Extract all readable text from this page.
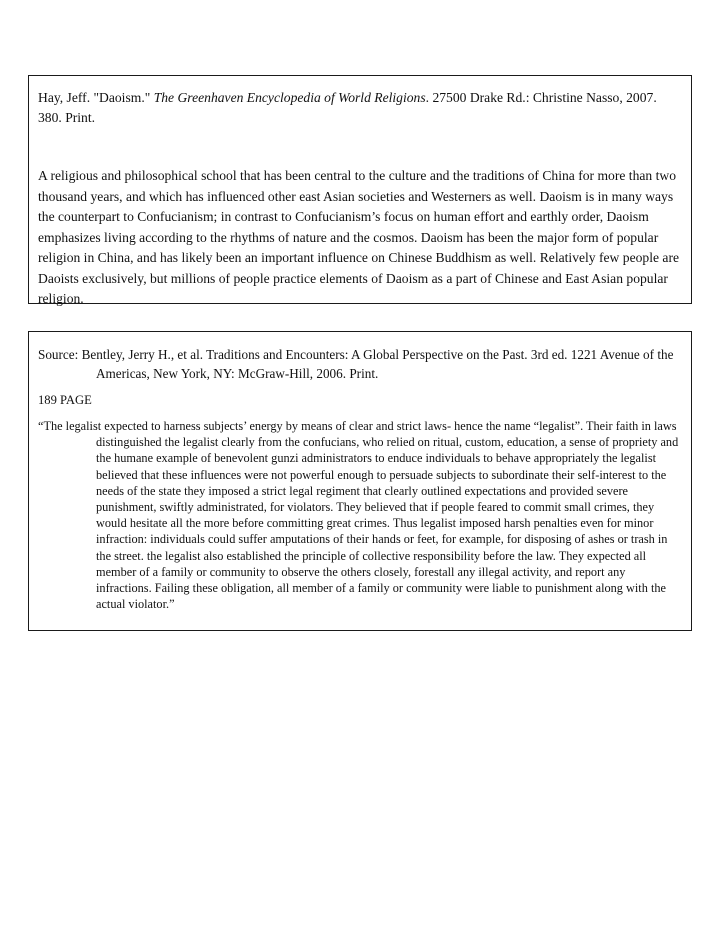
Hay, Jeff. "Daoism." The Greenhaven Encyclopedia of World Religions. 27500 Drake Rd.: Christine Nasso, 2007. 380. Print.

A religious and philosophical school that has been central to the culture and the traditions of China for more than two thousand years, and which has influenced other east Asian societies and Westerners as well. Daoism is in many ways the counterpart to Confucianism; in contrast to Confucianism’s focus on human effort and earthly order, Daoism emphasizes living according to the rhythms of nature and the cosmos. Daoism has been the major form of popular religion in China, and has likely been an important influence on Chinese Buddhism as well. Relatively few people are Daoists exclusively, but millions of people practice elements of Daoism as a part of Chinese and East Asian popular religion.

Source: Bentley, Jerry H., et al. Traditions and Encounters: A Global Perspective on the Past. 3rd ed. 1221 Avenue of the Americas, New York, NY: McGraw-Hill, 2006. Print.

189 PAGE

“The legalist expected to harness subjects’ energy by means of clear and strict laws- hence the name “legalist”. Their faith in laws distinguished the legalist clearly from the confucians, who relied on ritual, custom, education, a sense of propriety and the humane example of benevolent gunzi administrators to enduce individuals to behave appropriately the legalist believed that these influences were not powerful enough to persuade subjects to subordinate their self-interest to the needs of the state they imposed a strict legal regiment that clearly outlined expectations and provided severe punishment, swiftly administrated, for violators. They believed that if people feared to commit small crimes, they would hesitate all the more before committing great crimes. Thus legalist imposed harsh penalties even for minor infraction: individuals could suffer amputations of their hands or feet, for example, for disposing of ashes or trash in the street. the legalist also established the principle of collective responsibility before the law. They expected all member of a family or community to observe the others closely, forestall any illegal activity, and report any infractions. Failing these obligation, all member of a family or community were liable to punishment along with the actual violator.”
